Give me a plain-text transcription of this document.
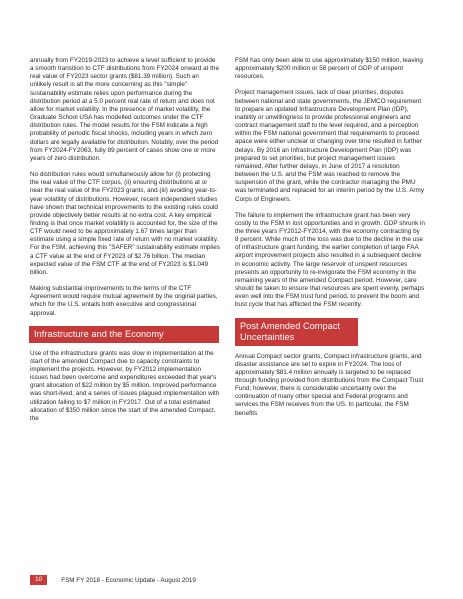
annually from FY2019-2023 to achieve a level sufficient to provide a smooth transition to CTF distributions from FY2024 onward at the real value of FY2023 sector grants ($81.39 million). Such an unlikely result is all the more concerning as this "simple" sustainability estimate relies upon performance during the distribution period at a 5.0 percent real rate of return and does not allow for market volatility. In the presence of market volatility, the Graduate School USA has modelled outcomes under the CTF distribution rules. The model results for the FSM indicate a high probability of periodic fiscal shocks, including years in which zero dollars are legally available for distribution. Notably, over the period from FY2024-FY2063, fully 89 percent of cases show one or more years of zero distribution.

No distribution rules would simultaneously allow for (i) protecting the real value of the CTF corpus, (ii) ensuring distributions at or near the real value of the FY2023 grants, and (iii) avoiding year-to-year volatility of distributions. However, recent independent studies have shown that technical improvements to the existing rules could provide objectively better results at no extra cost. A key empirical finding is that once market volatility is accounted for, the size of the CTF would need to be approximately 1.67 times larger than estimate using a simple fixed rate of return with no market volatility. For the FSM, achieving this "SAFER" sustainability estimate implies a CTF value at the end of FY2023 of $2.76 billion. The median expected value of the FSM CTF at the end of FY2023 is $1.049 billion.

Making substantial improvements to the terms of the CTF Agreement would require mutual agreement by the original parties, which for the U.S. entails both executive and congressional approval.

Infrastructure and the Economy

Use of the infrastructure grants was slow in implementation at the start of the amended Compact due to capacity constraints to implement the projects. However, by FY2012 implementation issues had been overcome and expenditures exceeded that year's grant allocation of $22 million by $5 million. Improved performance was short-lived, and a series of issues plagued implementation with utilization falling to $7 million in FY2017. Out of a total estimated allocation of $350 million since the start of the amended Compact, the

FSM has only been able to use approximately $150 million, leaving approximately $200 million or 58 percent of GDP of unspent resources.

Project management issues, lack of clear priorities, disputes between national and state governments, the JEMCO requirement to prepare an updated Infrastructure Development Plan (IDP), inability or unwillingness to provide professional engineers and contract management staff to the level required, and a perception within the FSM national government that requirements to proceed apace were either unclear or changing over time resulted in further delays. By 2016 an Infrastructure Development Plan (IDP) was prepared to set priorities, but project management issues remained. After further delays, in June of 2017 a resolution between the U.S. and the FSM was reached to remove the suspension of the grant, while the contractor managing the PMU was terminated and replaced for an interim period by the U.S. Army Corps of Engineers.

The failure to implement the infrastructure grant has been very costly to the FSM in lost opportunities and in growth. GDP shrunk in the three years FY2012-FY2014, with the economy contracting by 8 percent. While much of the loss was due to the decline in the use of infrastructure grant funding, the earlier completion of large FAA airport improvement projects also resulted in a subsequent decline in economic activity. The large reservoir of unspent resources presents an opportunity to re-invigorate the FSM economy in the remaining years of the amended Compact period. However, care should be taken to ensure that resources are spent evenly, perhaps even well into the FSM trust fund period, to prevent the boom and bust cycle that has afflicted the FSM recently.

Post Amended Compact Uncertainties

Annual Compact sector grants, Compact infrastructure grants, and disaster assistance are set to expire in FY2024. The loss of approximately $81.4 million annually is targeted to be replaced through funding provided from distributions from the Compact Trust Fund; however, there is considerable uncertainty over the continuation of many other special and Federal programs and services the FSM receives from the US. In particular, the FSM benefits

10	FSM FY 2018 - Economic Update - August 2019
